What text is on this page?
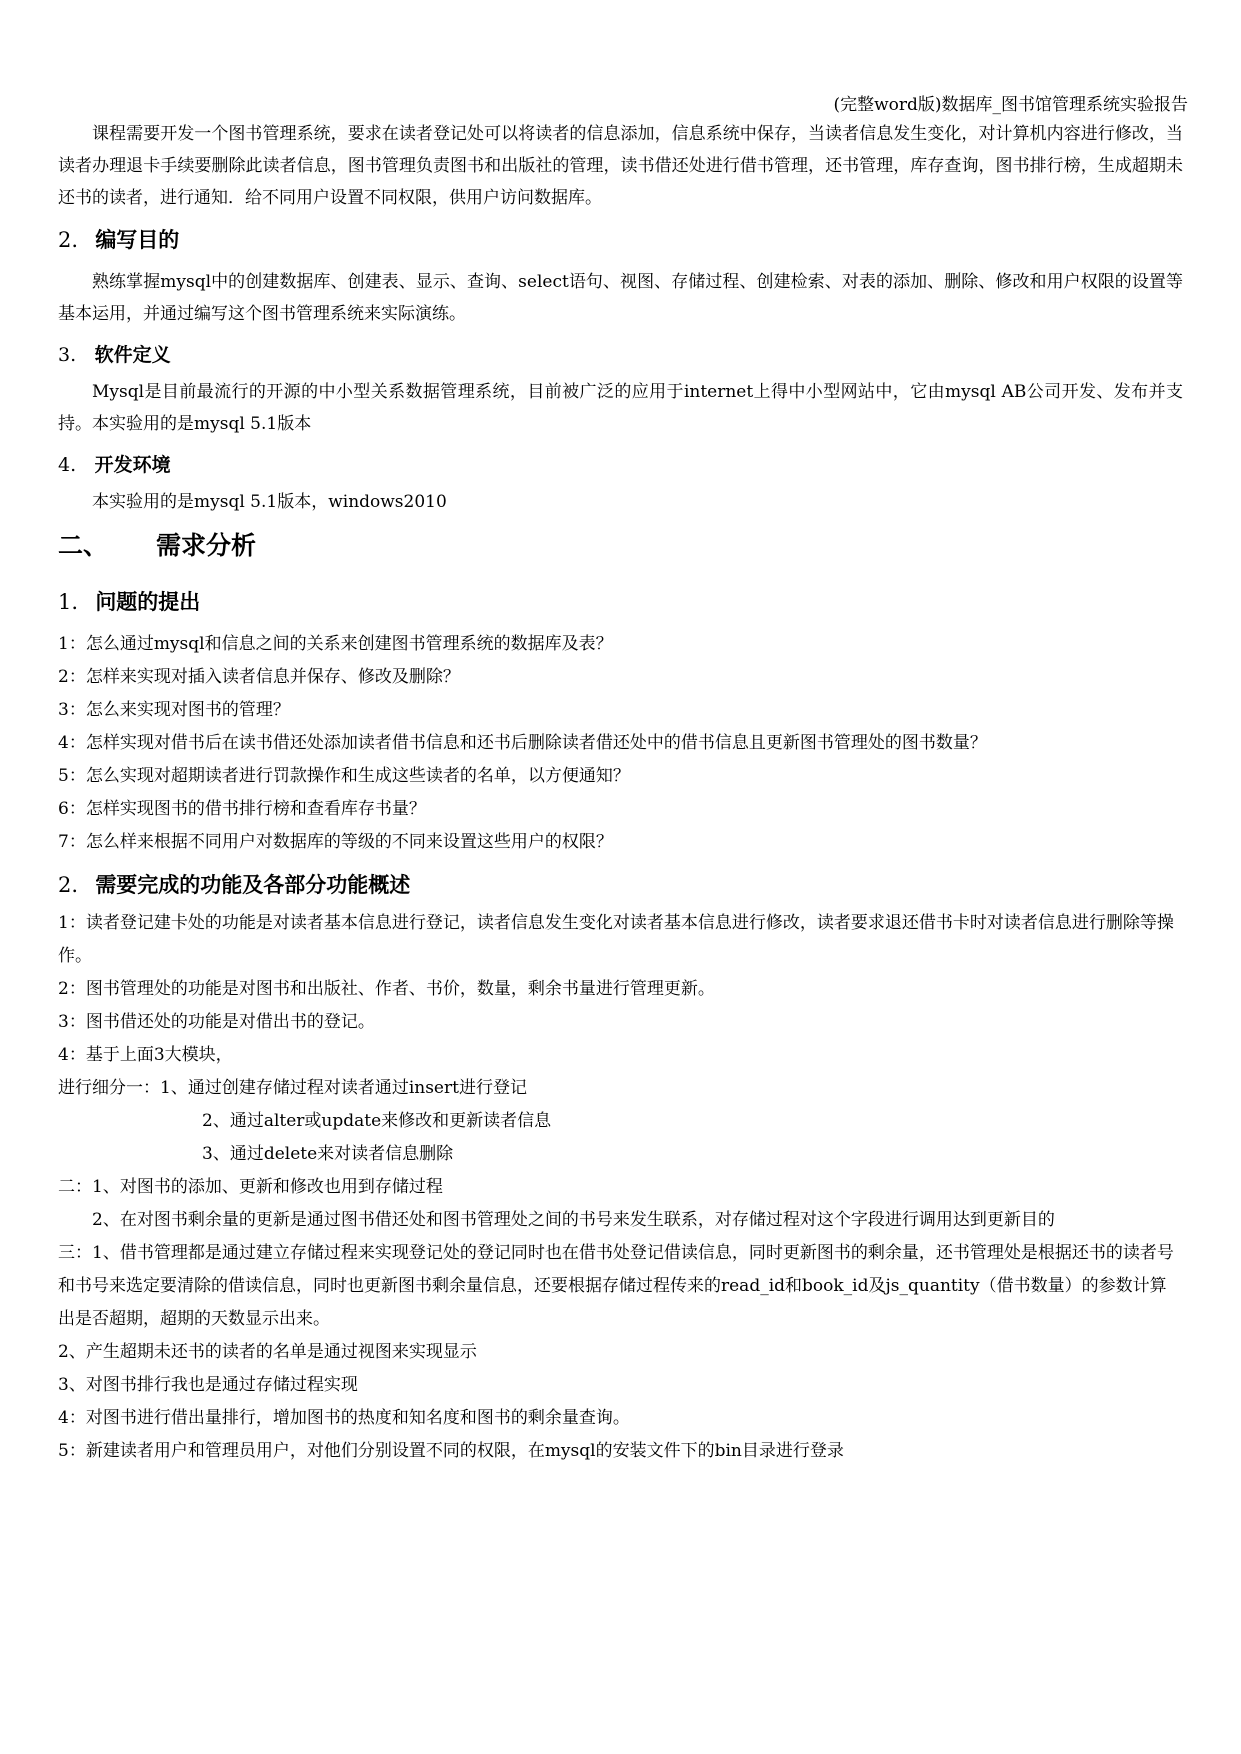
(完整word版)数据库_图书馆管理系统实验报告

课程需要开发一个图书管理系统，要求在读者登记处可以将读者的信息添加，信息系统中保存，当读者信息发生变化，对计算机内容进行修改，当读者办理退卡手续要删除此读者信息，图书管理负责图书和出版社的管理，读书借还处进行借书管理，还书管理，库存查询，图书排行榜，生成超期未还书的读者，进行通知．给不同用户设置不同权限，供用户访问数据库。

2. 编写目的

熟练掌握mysql中的创建数据库、创建表、显示、查询、select语句、视图、存储过程、创建检索、对表的添加、删除、修改和用户权限的设置等基本运用，并通过编写这个图书管理系统来实际演练。

3. 软件定义

Mysql是目前最流行的开源的中小型关系数据管理系统，目前被广泛的应用于internet上得中小型网站中，它由mysql AB公司开发、发布并支持。本实验用的是mysql 5.1版本

4. 开发环境

本实验用的是mysql 5.1版本，windows2010

二、 需求分析

1. 问题的提出

1：怎么通过mysql和信息之间的关系来创建图书管理系统的数据库及表？

2：怎样来实现对插入读者信息并保存、修改及删除？

3：怎么来实现对图书的管理？

4：怎样实现对借书后在读书借还处添加读者借书信息和还书后删除读者借还处中的借书信息且更新图书管理处的图书数量？

5：怎么实现对超期读者进行罚款操作和生成这些读者的名单，以方便通知？

6：怎样实现图书的借书排行榜和查看库存书量？

7：怎么样来根据不同用户对数据库的等级的不同来设置这些用户的权限？

2. 需要完成的功能及各部分功能概述

1：读者登记建卡处的功能是对读者基本信息进行登记，读者信息发生变化对读者基本信息进行修改，读者要求退还借书卡时对读者信息进行删除等操作。

2：图书管理处的功能是对图书和出版社、作者、书价，数量，剩余书量进行管理更新。

3：图书借还处的功能是对借出书的登记。

4：基于上面3大模块，

进行细分一：1、通过创建存储过程对读者通过insert进行登记

2、通过alter或update来修改和更新读者信息

3、通过delete来对读者信息删除

二：1、对图书的添加、更新和修改也用到存储过程

2、在对图书剩余量的更新是通过图书借还处和图书管理处之间的书号来发生联系，对存储过程对这个字段进行调用达到更新目的

三：1、借书管理都是通过建立存储过程来实现登记处的登记同时也在借书处登记借读信息，同时更新图书的剩余量，还书管理处是根据还书的读者号和书号来选定要清除的借读信息，同时也更新图书剩余量信息，还要根据存储过程传来的read_id和book_id及js_quantity（借书数量）的参数计算出是否超期，超期的天数显示出来。

2、产生超期未还书的读者的名单是通过视图来实现显示

3、对图书排行我也是通过存储过程实现

4：对图书进行借出量排行，增加图书的热度和知名度和图书的剩余量查询。

5：新建读者用户和管理员用户，对他们分别设置不同的权限，在mysql的安装文件下的bin目录进行登录
